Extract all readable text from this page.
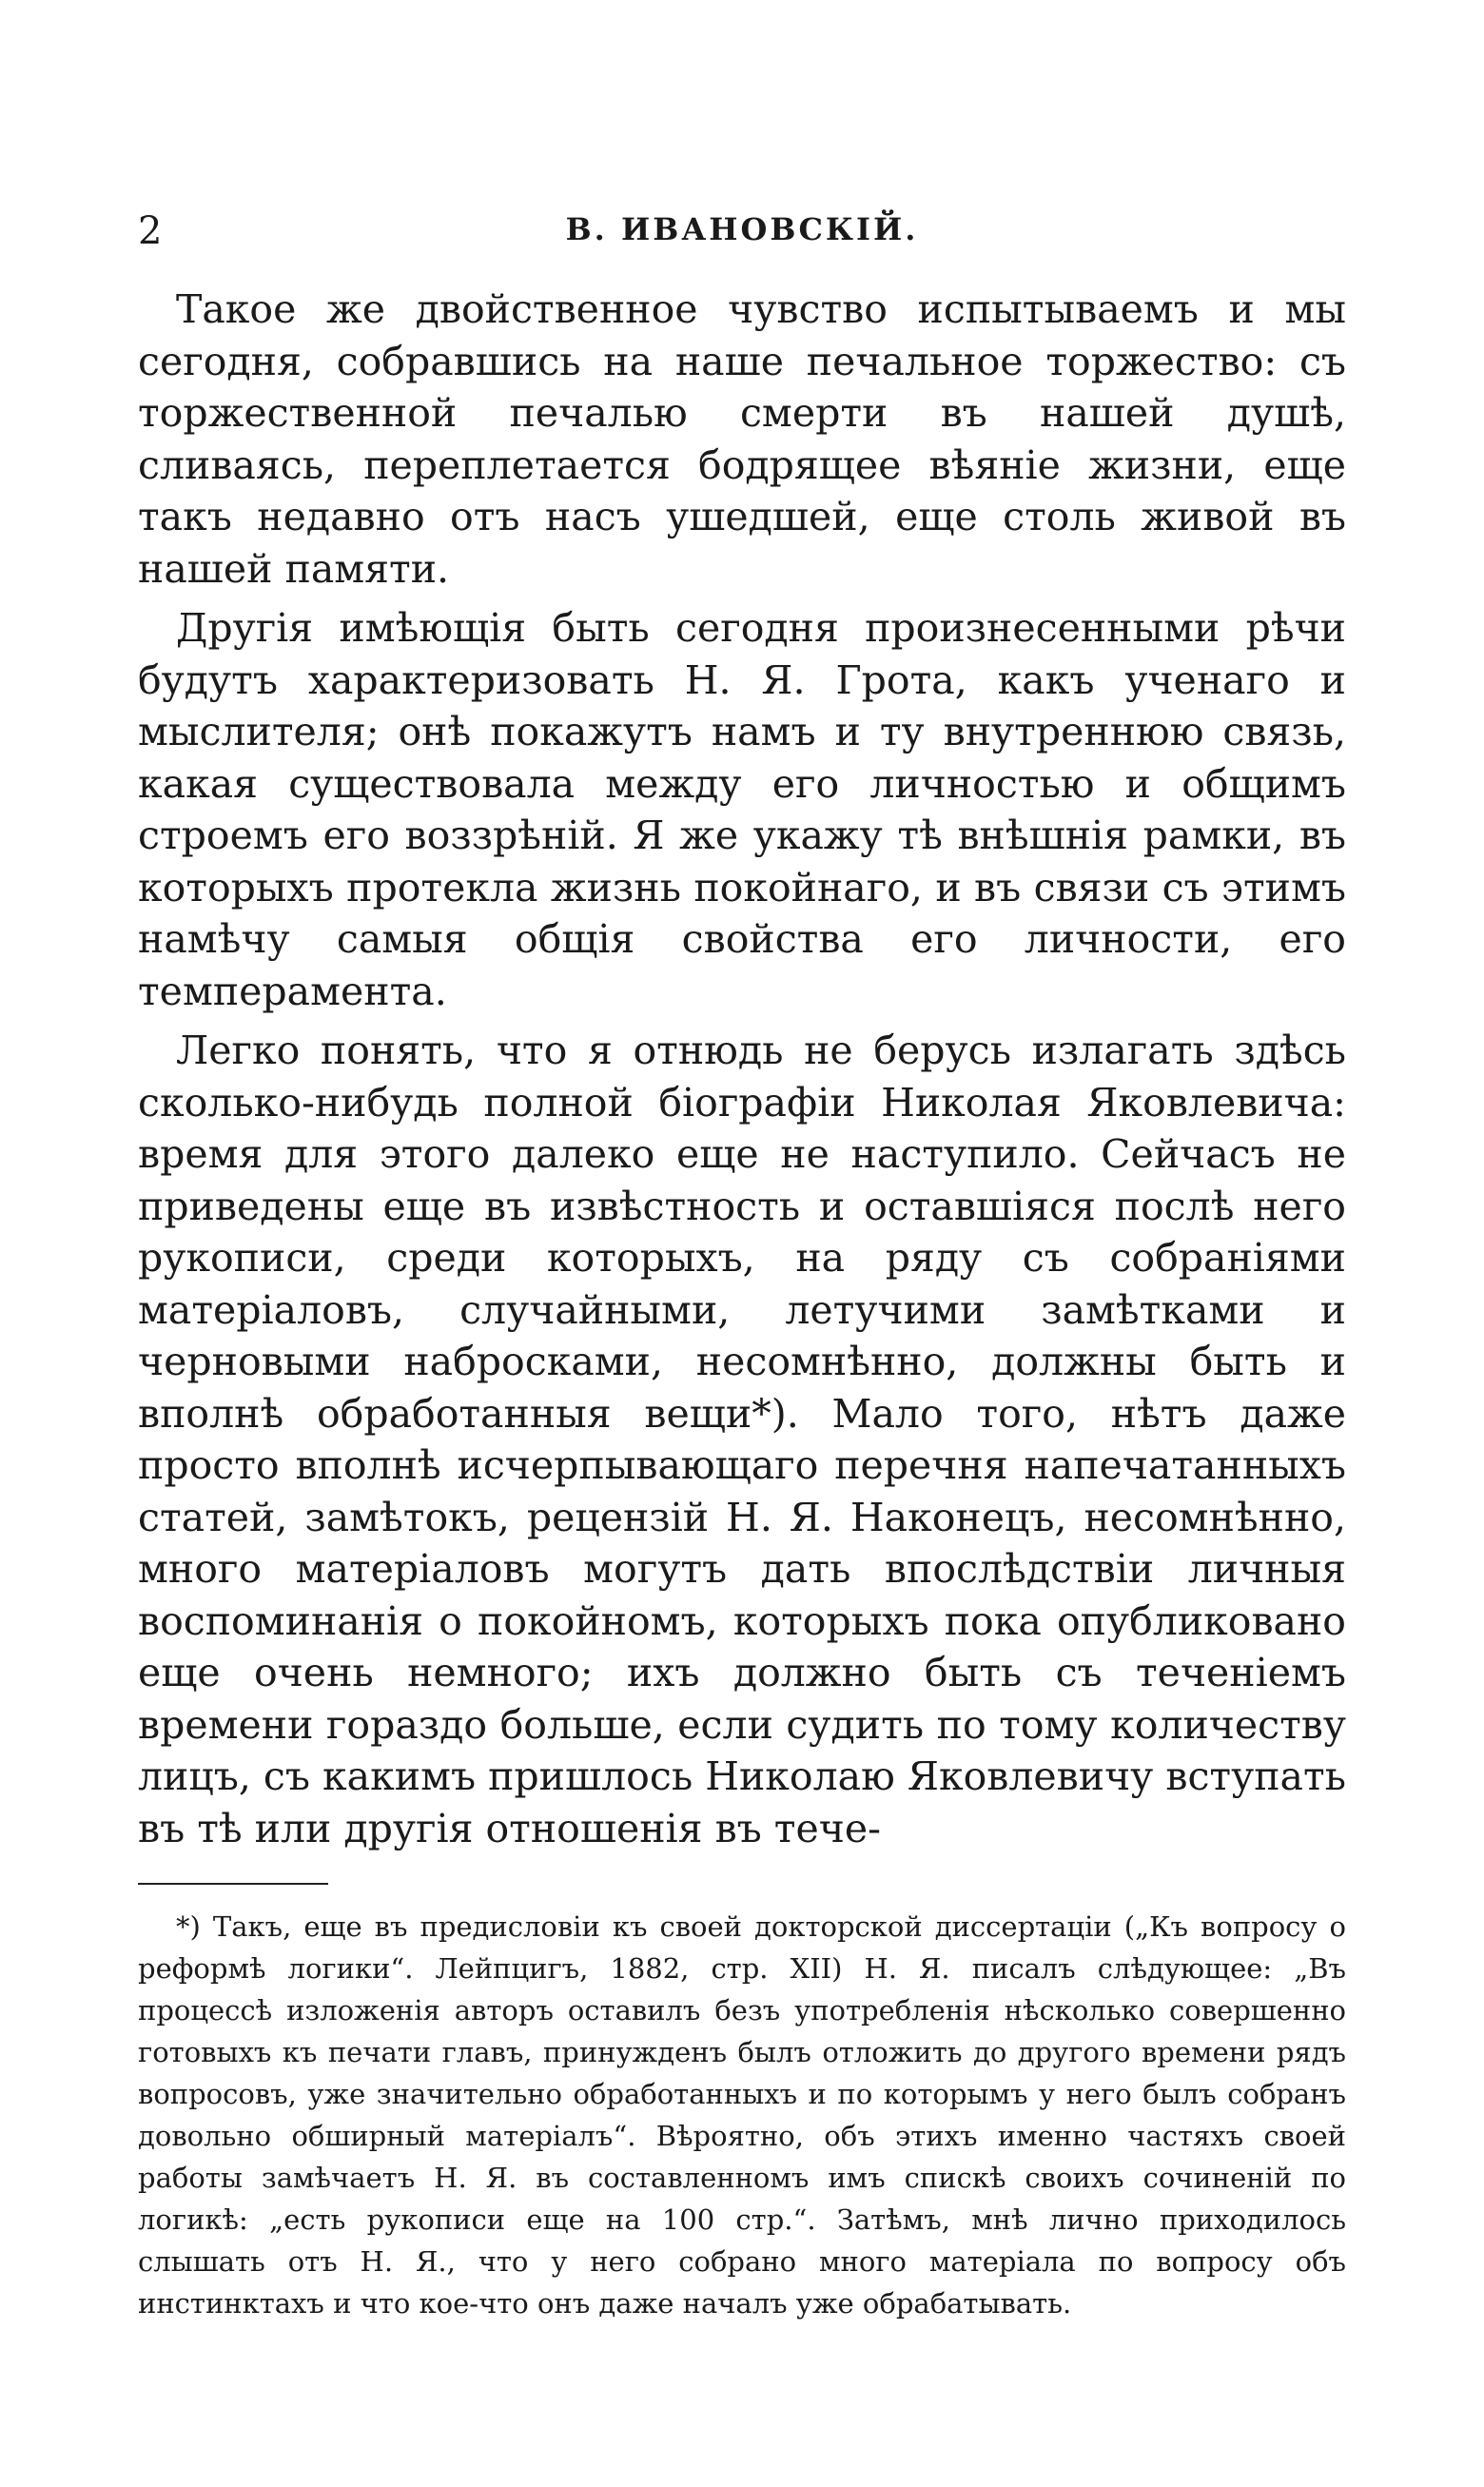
2	В. ИВАНОВСКІЙ.

Такое же двойственное чувство испытываемъ и мы сегодня, собравшись на наше печальное торжество: съ торжественной печалью смерти въ нашей душѣ, сливаясь, переплетается бодрящее вѣяніе жизни, еще такъ недавно отъ насъ ушедшей, еще столь живой въ нашей памяти.

Другія имѣющія быть сегодня произнесенными рѣчи будутъ характеризовать Н. Я. Грота, какъ ученаго и мыслителя; онѣ покажутъ намъ и ту внутреннюю связь, какая существовала между его личностью и общимъ строемъ его воззрѣній. Я же укажу тѣ внѣшнія рамки, въ которыхъ протекла жизнь покойнаго, и въ связи съ этимъ намѣчу самыя общія свойства его личности, его темперамента.

Легко понять, что я отнюдь не берусь излагать здѣсь сколько-нибудь полной біографіи Николая Яковлевича: время для этого далеко еще не наступило. Сейчасъ не приведены еще въ извѣстность и оставшіяся послѣ него рукописи, среди которыхъ, на ряду съ собраніями матеріаловъ, случайными, летучими замѣтками и черновыми набросками, несомнѣнно, должны быть и вполнѣ обработанныя вещи*). Мало того, нѣтъ даже просто вполнѣ исчерпывающаго перечня напечатанныхъ статей, замѣтокъ, рецензій Н. Я. Наконецъ, несомнѣнно, много матеріаловъ могутъ дать впослѣдствіи личныя воспоминанія о покойномъ, которыхъ пока опубликовано еще очень немного; ихъ должно быть съ теченіемъ времени гораздо больше, если судить по тому количеству лицъ, съ какимъ пришлось Николаю Яковлевичу вступать въ тѣ или другія отношенія въ тече-

*) Такъ, еще въ предисловіи къ своей докторской диссертаціи („Къ вопросу о реформѣ логики“. Лейпцигъ, 1882, стр. XII) Н. Я. писалъ слѣдующее: „Въ процессѣ изложенія авторъ оставилъ безъ употребленія нѣсколько совершенно готовыхъ къ печати главъ, принужденъ былъ отложить до другого времени рядъ вопросовъ, уже значительно обработанныхъ и по которымъ у него былъ собранъ довольно обширный матеріалъ“. Вѣроятно, объ этихъ именно частяхъ своей работы замѣчаетъ Н. Я. въ составленномъ имъ спискѣ своихъ сочиненій по логикѣ: „есть рукописи еще на 100 стр.“. Затѣмъ, мнѣ лично приходилось слышать отъ Н. Я., что у него собрано много матеріала по вопросу объ инстинктахъ и что кое-что онъ даже началъ уже обрабатывать.
